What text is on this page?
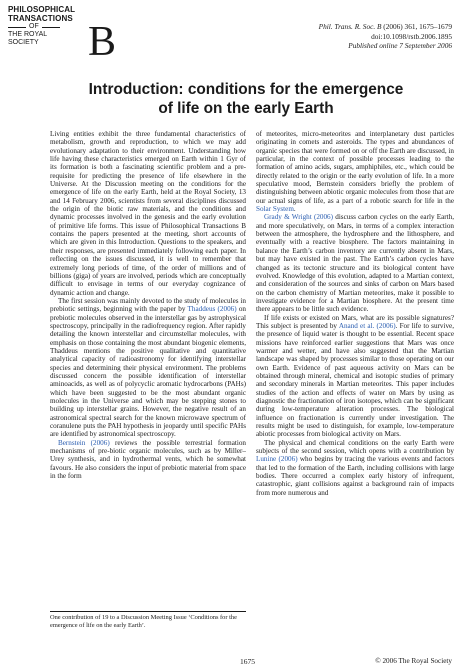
PHILOSOPHICAL
TRANSACTIONS
OF
THE ROYAL
SOCIETY	B	Phil. Trans. R. Soc. B (2006) 361, 1675–1679
doi:10.1098/rstb.2006.1895
Published online 7 September 2006
Introduction: conditions for the emergence
of life on the early Earth

Living entities exhibit the three fundamental characteristics of metabolism, growth and reproduction, to which we may add evolutionary adaptation to their environment. Understanding how life having these characteristics emerged on Earth within 1 Gyr of its formation is both a fascinating scientific problem and a pre-requisite for predicting the presence of life elsewhere in the Universe. At the Discussion meeting on the conditions for the emergence of life on the early Earth, held at the Royal Society, 13 and 14 February 2006, scientists from several disciplines discussed the origin of the biotic raw materials, and the conditions and dynamic processes involved in the genesis and the early evolution of primitive life forms. This issue of Philosophical Transactions B contains the papers presented at the meeting, short accounts of which are given in this Introduction. Questions to the speakers, and their responses, are presented immediately following each paper. In reflecting on the issues discussed, it is well to remember that extremely long periods of time, of the order of millions and of billions (giga) of years are involved, periods which are conceptually difficult to envisage in terms of our everyday cognizance of dynamic action and change.

The first session was mainly devoted to the study of molecules in prebiotic settings, beginning with the paper by Thaddeus (2006) on prebiotic molecules observed in the interstellar gas by astrophysical spectroscopy, principally in the radiofrequency region. After rapidly detailing the known interstellar and circumstellar molecules, with emphasis on those containing the most abundant biogenic elements, Thaddeus mentions the positive qualitative and quantitative analytical capacity of radioastronomy for identifying interstellar species and determining their physical environment. The problems discussed concern the possible identification of interstellar aminoacids, as well as of polycyclic aromatic hydrocarbons (PAHs) which have been suggested to be the most abundant organic molecules in the Universe and which may be stepping stones to building up interstellar grains. However, the negative result of an astronomical spectral search for the known microwave spectrum of coranulene puts the PAH hypothesis in jeopardy until specific PAHs are identified by astronomical spectroscopy.

Bernstein (2006) reviews the possible terrestrial formation mechanisms of pre-biotic organic molecules, such as by Miller–Urey synthesis, and in hydrothermal vents, which he somewhat favours. He also considers the input of prebiotic material from space in the form

of meteorites, micro-meteorites and interplanetary dust particles originating in comets and asteroids. The types and abundances of organic species that were formed on or off the Earth are discussed, in particular, in the context of possible processes leading to the formation of amino acids, sugars, amphiphiles, etc., which could be directly related to the origin or the early evolution of life. In a more speculative mood, Bernstein considers briefly the problem of distinguishing between abiotic organic molecules from those that are our actual signs of life, as a part of a robotic search for life in the Solar System.

Grady & Wright (2006) discuss carbon cycles on the early Earth, and more speculatively, on Mars, in terms of a complex interaction between the atmosphere, the hydrosphere and the lithosphere, and eventually with a reactive biosphere. The factors maintaining in balance the Earth’s carbon inventory are currently absent in Mars, but may have existed in the past. The Earth’s carbon cycles have changed as its tectonic structure and its biological content have evolved. Knowledge of this evolution, adapted to a Martian context, and consideration of the sources and sinks of carbon on Mars based on the carbon chemistry of Martian meteorites, make it possible to investigate evidence for a Martian biosphere. At the present time there appears to be little such evidence.

If life exists or existed on Mars, what are its possible signatures? This subject is presented by Anand et al. (2006). For life to survive, the presence of liquid water is thought to be essential. Recent space missions have reinforced earlier suggestions that Mars was once warmer and wetter, and have also suggested that the Martian landscape was shaped by processes similar to those operating on our own Earth. Evidence of past aqueous activity on Mars can be obtained through mineral, chemical and isotopic studies of primary and secondary minerals in Martian meteorites. This paper includes studies of the action and effects of water on Mars by using as diagnostic the fractionation of iron isotopes, which can be significant during low-temperature alteration processes. The biological influence on fractionation is currently under investigation. The results might be used to distinguish, for example, low-temperature abiotic processes from biological activity on Mars.

The physical and chemical conditions on the early Earth were subjects of the second session, which opens with a contribution by Lunine (2006) who begins by tracing the various events and factors that led to the formation of the Earth, including collisions with large bodies. There occurred a complex early history of infrequent, catastrophic, giant collisions against a background rain of impacts from more numerous and

One contribution of 19 to a Discussion Meeting Issue ‘Conditions for the emergence of life on the early Earth’.
1675	© 2006 The Royal Society
